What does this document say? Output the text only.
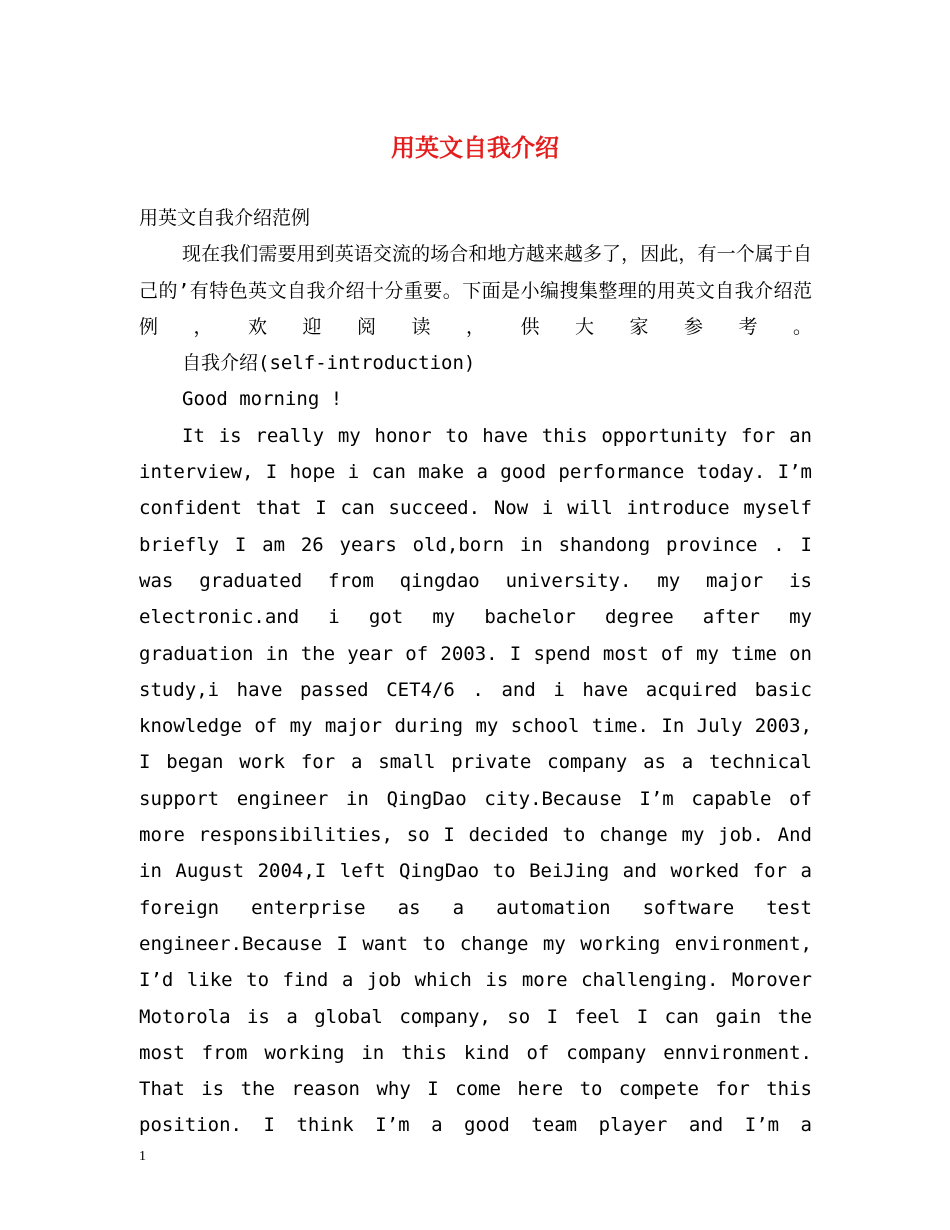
用英文自我介绍

用英文自我介绍范例

现在我们需要用到英语交流的场合和地方越来越多了，因此，有一个属于自己的’有特色英文自我介绍十分重要。下面是小编搜集整理的用英文自我介绍范例，欢迎阅读，供大家参考。

自我介绍(self-introduction)

Good morning !

It is really my honor to have this opportunity for an interview, I hope i can make a good performance today. I’m confident that I can succeed. Now i will introduce myself briefly I am 26 years old,born in shandong province . I was graduated from qingdao university. my major is electronic.and i got my bachelor degree after my graduation in the year of 2003. I spend most of my time on study,i have passed CET4/6 . and i have acquired basic knowledge of my major during my school time. In July 2003, I began work for a small private company as a technical support engineer in QingDao city.Because I’m capable of more responsibilities, so I decided to change my job. And in August 2004,I left QingDao to BeiJing and worked for a foreign enterprise as a automation software test engineer.Because I want to change my working environment, I’d like to find a job which is more challenging. Morover Motorola is a global company, so I feel I can gain the most from working in this kind of company ennvironment. That is the reason why I come here to compete for this position. I think I’m a good team player and I’m a

1
